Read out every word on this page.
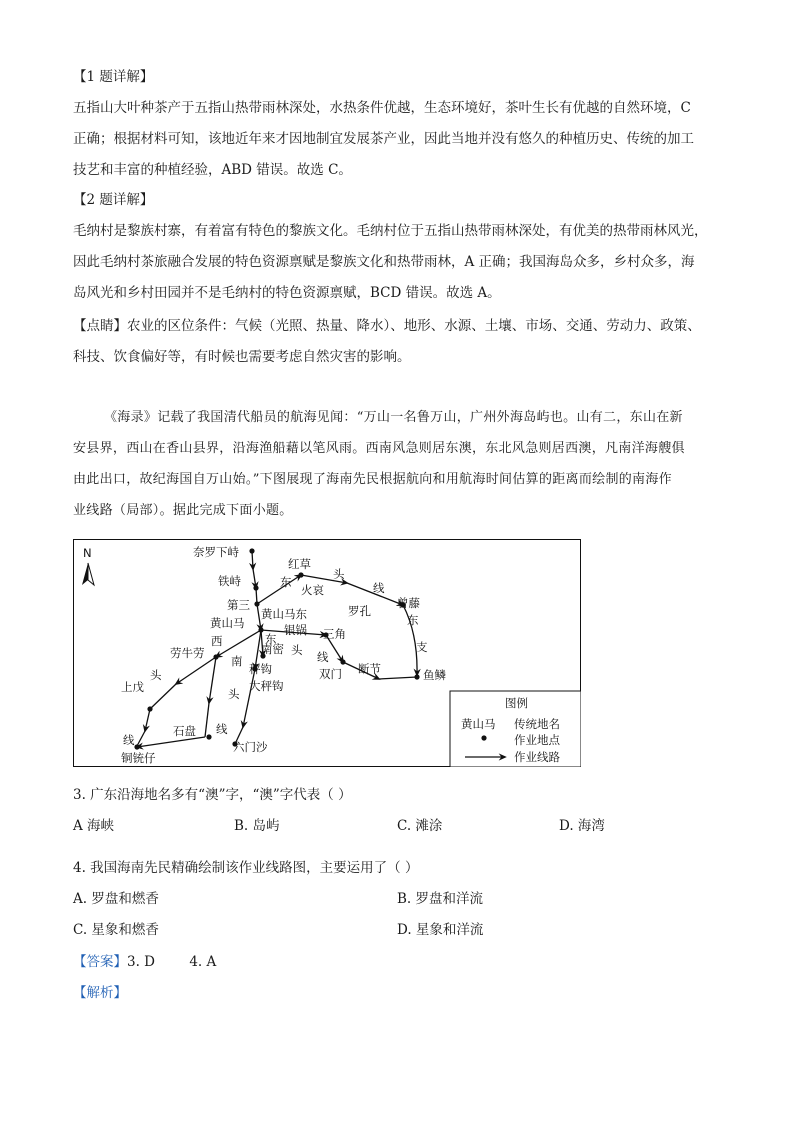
【1 题详解】
五指山大叶种茶产于五指山热带雨林深处，水热条件优越，生态环境好，茶叶生长有优越的自然环境，C
正确；根据材料可知，该地近年来才因地制宜发展茶产业，因此当地并没有悠久的种植历史、传统的加工
技艺和丰富的种植经验，ABD 错误。故选 C。
【2 题详解】
毛纳村是黎族村寨，有着富有特色的黎族文化。毛纳村位于五指山热带雨林深处，有优美的热带雨林风光，
因此毛纳村茶旅融合发展的特色资源禀赋是黎族文化和热带雨林，A 正确；我国海岛众多，乡村众多，海
岛风光和乡村田园并不是毛纳村的特色资源禀赋，BCD 错误。故选 A。
【点睛】农业的区位条件：气候（光照、热量、降水）、地形、水源、土壤、市场、交通、劳动力、政策、
科技、饮食偏好等，有时候也需要考虑自然灾害的影响。
《海录》记载了我国清代船员的航海见闻：“万山一名鲁万山，广州外海岛屿也。山有二，东山在新
安县界，西山在香山县界，沿海渔船藉以笔风雨。西南风急则居东澳，东北风急则居西澳，凡南洋海艘俱
由此出口，故纪海国自万山始。”下图展现了海南先民根据航向和用航海时间估算的距离而绘制的南海作
业线路（局部）。据此完成下面小题。
N	奈罗下峙
铁峙
红草
火哀
第三
黄山马东
黄山马	银锅 三角
罗孔
曾藤
劳牛劳	南密
秤钩
大秤钩
双门 断节	鱼鳞
上戊
石盘
铜铳仔
六门沙
东
头
线
东
支
西	东
头 线
南
头
头
线
线
图例
黄山马 传统地名
作业地点
作业线路
3. 广东沿海地名多有“澳”字，“澳”字代表（ ）
A 海峡	B. 岛屿	C. 滩涂	D. 海湾
4. 我国海南先民精确绘制该作业线路图，主要运用了（ ）
A. 罗盘和燃香	B. 罗盘和洋流
C. 星象和燃香	D. 星象和洋流
【答案】3. D        4. A
【解析】
